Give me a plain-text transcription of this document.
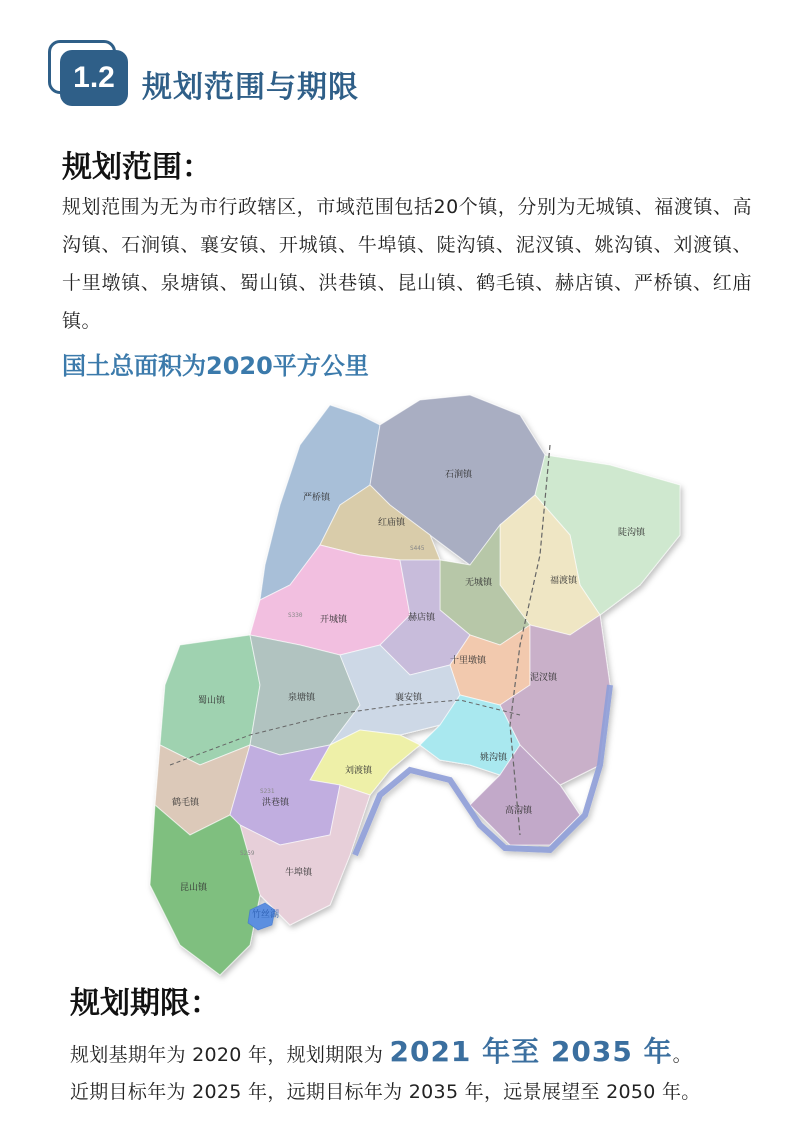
1.2 规划范围与期限
规划范围：
规划范围为无为市行政辖区，市域范围包括20个镇，分别为无城镇、福渡镇、高沟镇、石涧镇、襄安镇、开城镇、牛埠镇、陡沟镇、泥汊镇、姚沟镇、刘渡镇、十里墩镇、泉塘镇、蜀山镇、洪巷镇、昆山镇、鹤毛镇、赫店镇、严桥镇、红庙镇。
国土总面积为2020平方公里
石涧镇
严桥镇
红庙镇
陡沟镇
福渡镇
无城镇
开城镇	赫店镇
十里墩镇
泥汊镇
蜀山镇	泉塘镇	襄安镇
姚沟镇
刘渡镇
鹤毛镇	洪巷镇
高沟镇
牛埠镇
昆山镇
竹丝湖
S330
S231
S259
S445
规划期限：
规划基期年为 2020 年，规划期限为 2021 年至 2035 年。
近期目标年为 2025 年，远期目标年为 2035 年，远景展望至 2050 年。
